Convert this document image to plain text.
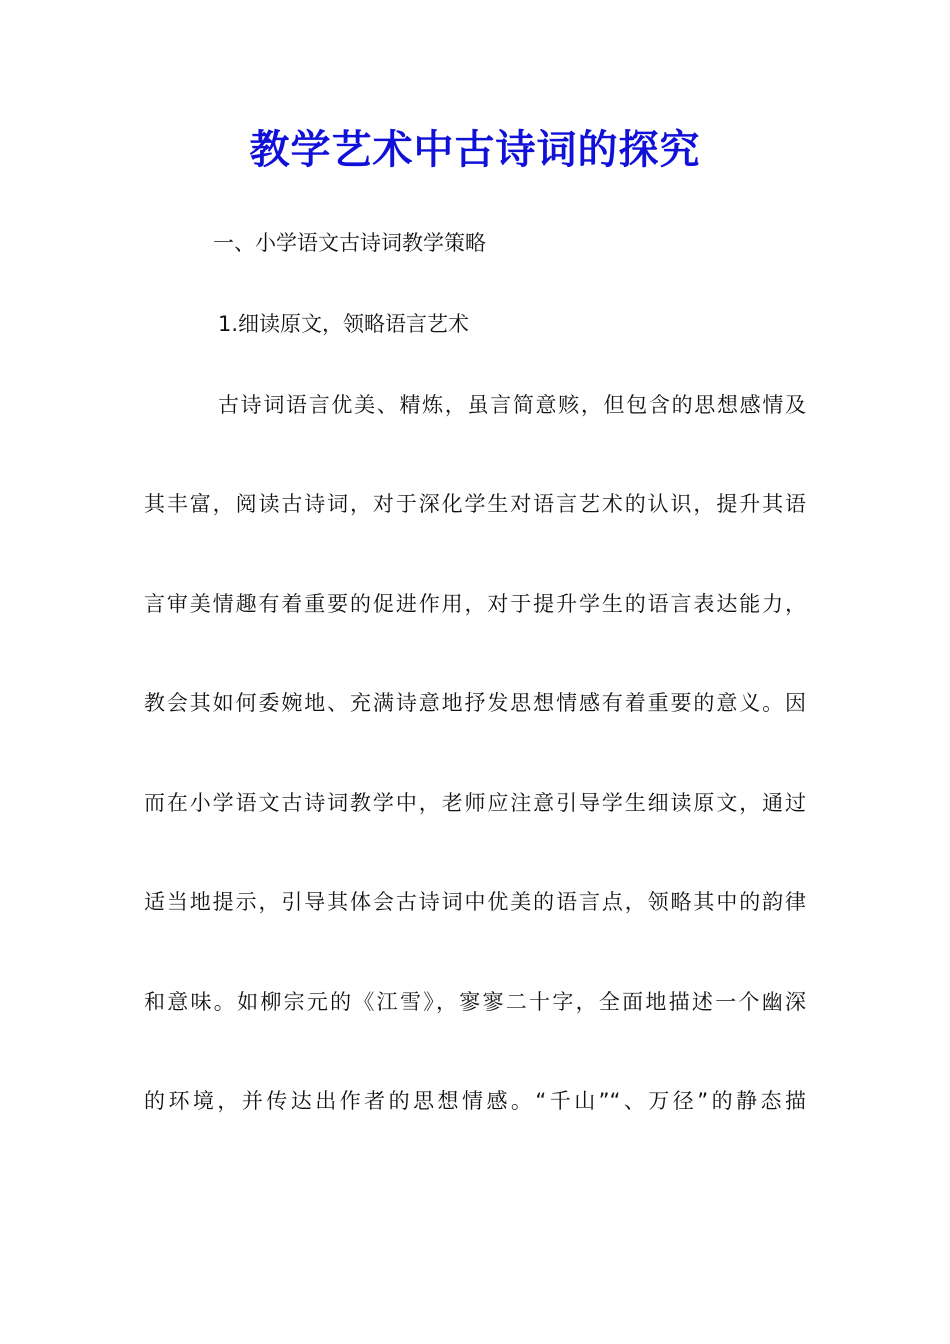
教学艺术中古诗词的探究

一、小学语文古诗词教学策略

1.细读原文，领略语言艺术

古诗词语言优美、精炼，虽言简意赅，但包含的思想感情及

其丰富，阅读古诗词，对于深化学生对语言艺术的认识，提升其语

言审美情趣有着重要的促进作用，对于提升学生的语言表达能力，

教会其如何委婉地、充满诗意地抒发思想情感有着重要的意义。因

而在小学语文古诗词教学中，老师应注意引导学生细读原文，通过

适当地提示，引导其体会古诗词中优美的语言点，领略其中的韵律

和意味。如柳宗元的《江雪》，寥寥二十字，全面地描述一个幽深

的环境，并传达出作者的思想情感。“千山”“、万径”的静态描
